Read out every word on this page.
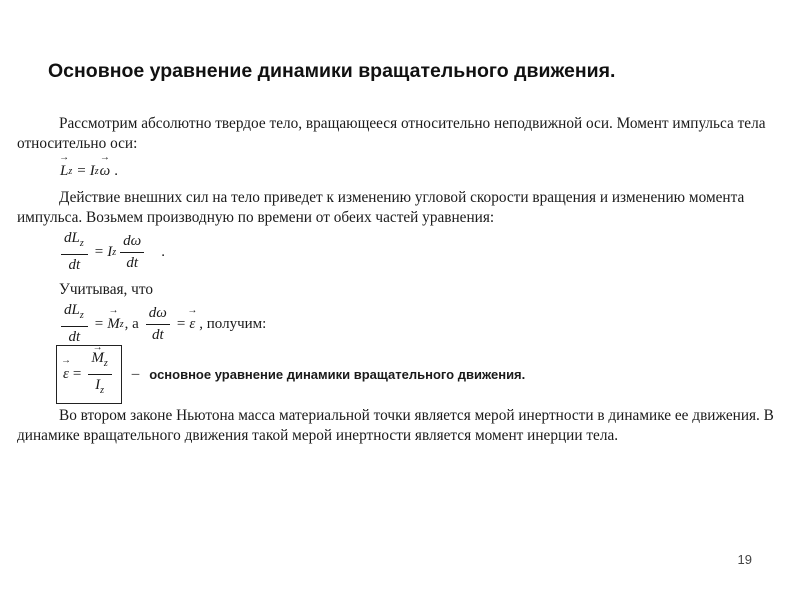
Основное уравнение динамики вращательного движения.
Рассмотрим абсолютно твердое тело, вращающееся относительно неподвижной оси. Момент импульса тела относительно оси:
→ L z = I z → ω .
Действие внешних сил на тело приведет к изменению угловой скорости вращения и изменению момента импульса. Возьмем производную по времени от обеих частей уравнения:
$\frac{dL_z}{dt} = I$ z $\frac{d\omega}{dt}$ .
Учитывая, что
$\frac{dL_z}{dt}$ = → M z , а $\frac{d\omega}{dt}$ = → ε , получим:
→ ε = → $\frac{M_z}{I_z}$ – основное уравнение динамики вращательного движения.
Во втором законе Ньютона масса материальной точки является мерой инертности в динамике ее движения. В динамике вращательного движения такой мерой инертности является момент инерции тела.
19
